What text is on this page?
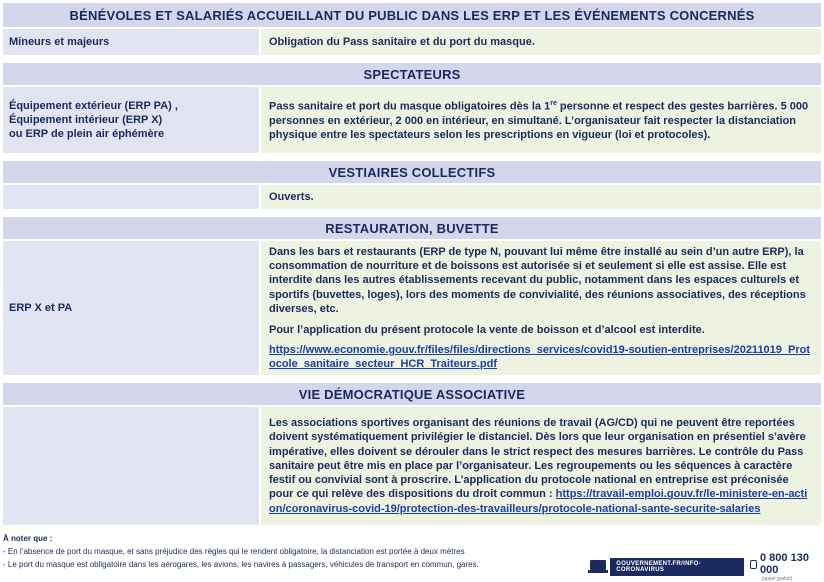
BÉNÉVOLES ET SALARIÉS ACCUEILLANT DU PUBLIC DANS LES ERP ET LES ÉVÉNEMENTS CONCERNÉS
Mineurs et majeurs	Obligation du Pass sanitaire et du port du masque.

SPECTATEURS
Équipement extérieur (ERP PA) ,
Équipement intérieur (ERP X)
ou ERP de plein air éphémère

Pass sanitaire et port du masque obligatoires dès la 1re personne et respect des gestes barrières. 5 000 personnes en extérieur, 2 000 en intérieur, en simultané. L’organisateur fait respecter la distanciation physique entre les spectateurs selon les prescriptions en vigueur (loi et protocoles).

VESTIAIRES COLLECTIFS

Ouverts.

RESTAURATION, BUVETTE
ERP X et PA

Dans les bars et restaurants (ERP de type N, pouvant lui même être installé au sein d’un autre ERP), la consommation de nourriture et de boissons est autorisée si et seulement si elle est assise. Elle est interdite dans les autres établissements recevant du public, notamment dans les espaces culturels et sportifs (buvettes, loges), lors des moments de convivialité, des réunions associatives, des réceptions diverses, etc.

Pour l’application du présent protocole la vente de boisson et d’alcool est interdite.

https://www.economie.gouv.fr/files/files/directions_services/covid19-soutien-entreprises/20211019_Protocole_sanitaire_secteur_HCR_Traiteurs.pdf

VIE DÉMOCRATIQUE ASSOCIATIVE

Les associations sportives organisant des réunions de travail (AG/CD) qui ne peuvent être reportées doivent systématiquement privilégier le distanciel. Dès lors que leur organisation en présentiel s’avère impérative, elles doivent se dérouler dans le strict respect des mesures barrières. Le contrôle du Pass sanitaire peut être mis en place par l’organisateur. Les regroupements ou les séquences à caractère festif ou convivial sont à proscrire. L’application du protocole national en entreprise est préconisée pour ce qui relève des dispositions du droit commun : https://travail-emploi.gouv.fr/le-ministere-en-action/coronavirus-covid-19/protection-des-travailleurs/protocole-national-sante-securite-salaries

À noter que :
- En l’absence de port du masque, et sans préjudice des règles qui le rendent obligatoire, la distanciation est portée à deux mètres
- Le port du masque est obligatoire dans les aérogares, les avions, les navires à passagers, véhicules de transport en commun, gares.	GOUVERNEMENT.FR/INFO-CORONAVIRUS
0 800 130 000
(appel gratuit)
